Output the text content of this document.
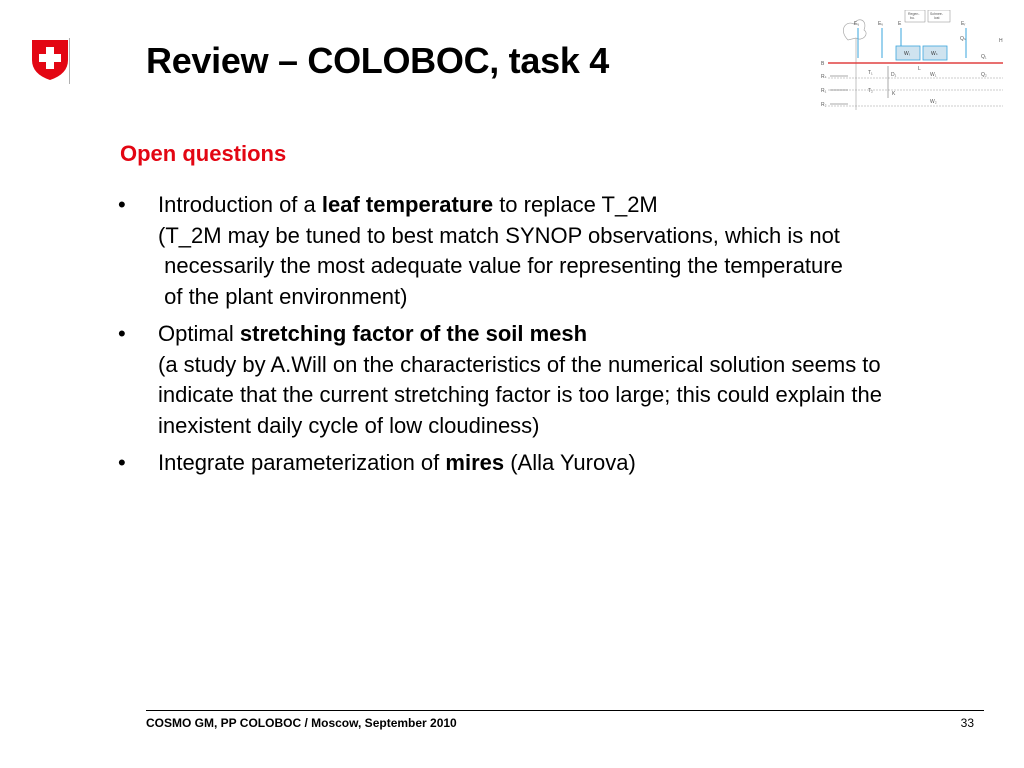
Review – COLOBOC, task 4
Eᵧ	Eᵥ	E	Eᵣ
H
Regen-
bu.
Schnee-
lost
Wᵢ	Wₛ
B
Rₛ
R₁
R₂
T₁
T₂
D₁
K
L
W₁
W₂
Qₛ
Q₁
Q₂
Open questions
• Introduction of a leaf temperature to replace T_2M
(T_2M may be tuned to best match SYNOP observations, which is not
necessarily the most adequate value for representing the temperature
of the plant environment)
• Optimal stretching factor of the soil mesh
(a study by A.Will on the characteristics of the numerical solution seems to
indicate that the current stretching factor is too large; this could explain the
inexistent daily cycle of low cloudiness)
• Integrate parameterization of mires (Alla Yurova)
COSMO GM, PP COLOBOC / Moscow, September 2010	33
